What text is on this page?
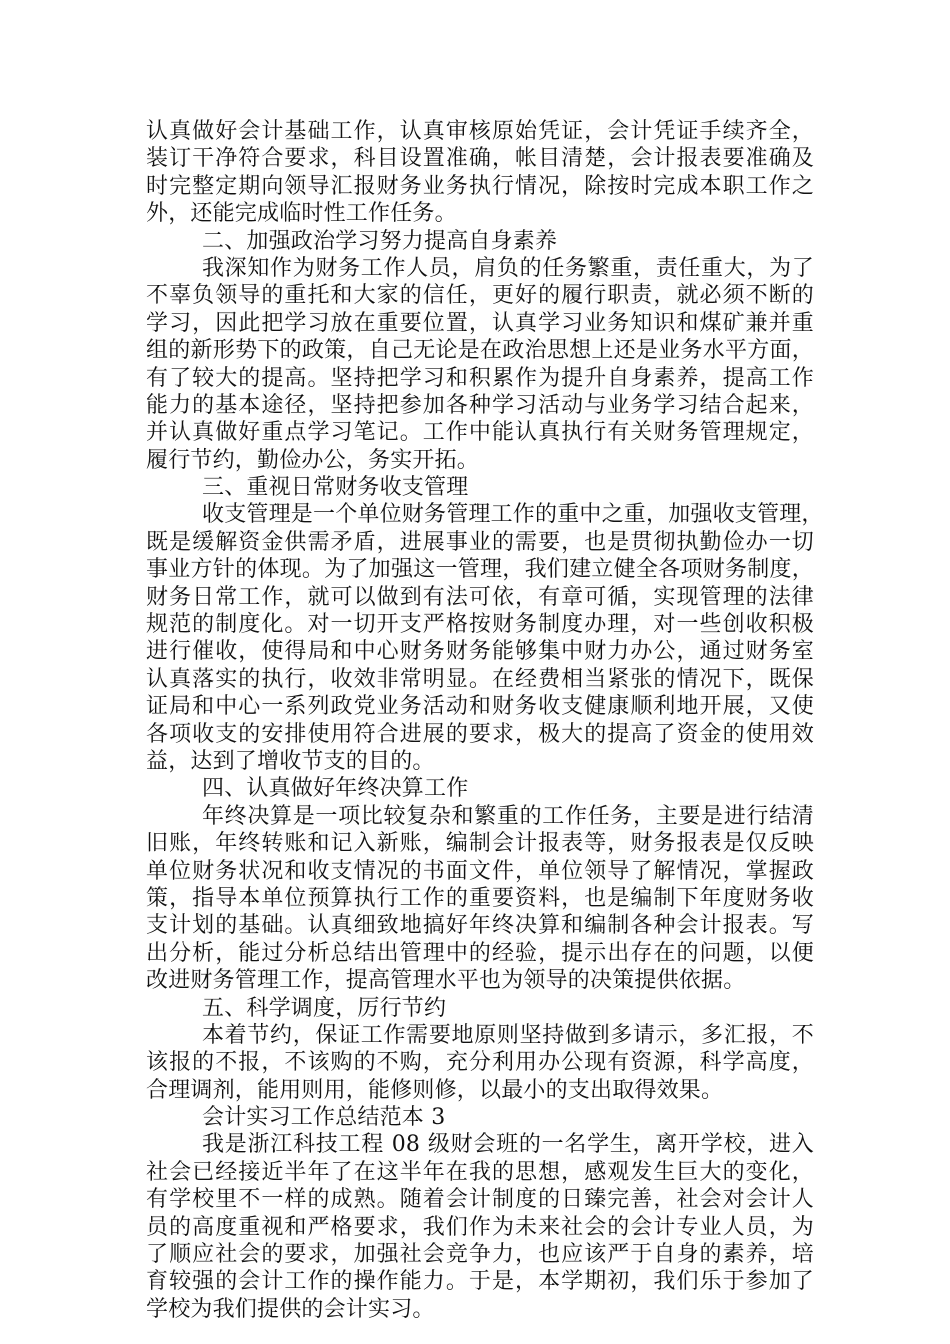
认真做好会计基础工作，认真审核原始凭证，会计凭证手续齐全，
装订干净符合要求，科目设置准确，帐目清楚，会计报表要准确及
时完整定期向领导汇报财务业务执行情况，除按时完成本职工作之
外，还能完成临时性工作任务。
二、加强政治学习努力提高自身素养
我深知作为财务工作人员，肩负的任务繁重，责任重大，为了
不辜负领导的重托和大家的信任，更好的履行职责，就必须不断的
学习，因此把学习放在重要位置，认真学习业务知识和煤矿兼并重
组的新形势下的政策，自己无论是在政治思想上还是业务水平方面，
有了较大的提高。坚持把学习和积累作为提升自身素养，提高工作
能力的基本途径，坚持把参加各种学习活动与业务学习结合起来，
并认真做好重点学习笔记。工作中能认真执行有关财务管理规定，
履行节约，勤俭办公，务实开拓。
三、重视日常财务收支管理
收支管理是一个单位财务管理工作的重中之重，加强收支管理，
既是缓解资金供需矛盾，进展事业的需要，也是贯彻执勤俭办一切
事业方针的体现。为了加强这一管理，我们建立健全各项财务制度，
财务日常工作，就可以做到有法可依，有章可循，实现管理的法律
规范的制度化。对一切开支严格按财务制度办理，对一些创收积极
进行催收，使得局和中心财务财务能够集中财力办公，通过财务室
认真落实的执行，收效非常明显。在经费相当紧张的情况下，既保
证局和中心一系列政党业务活动和财务收支健康顺利地开展，又使
各项收支的安排使用符合进展的要求，极大的提高了资金的使用效
益，达到了增收节支的目的。
四、认真做好年终决算工作
年终决算是一项比较复杂和繁重的工作任务，主要是进行结清
旧账，年终转账和记入新账，编制会计报表等，财务报表是仅反映
单位财务状况和收支情况的书面文件，单位领导了解情况，掌握政
策，指导本单位预算执行工作的重要资料，也是编制下年度财务收
支计划的基础。认真细致地搞好年终决算和编制各种会计报表。写
出分析，能过分析总结出管理中的经验，提示出存在的问题，以便
改进财务管理工作，提高管理水平也为领导的决策提供依据。
五、科学调度，厉行节约
本着节约，保证工作需要地原则坚持做到多请示，多汇报，不
该报的不报，不该购的不购，充分利用办公现有资源，科学高度，
合理调剂，能用则用，能修则修，以最小的支出取得效果。
会计实习工作总结范本 3
我是浙江科技工程 08 级财会班的一名学生，离开学校，进入
社会已经接近半年了在这半年在我的思想，感观发生巨大的变化，
有学校里不一样的成熟。随着会计制度的日臻完善，社会对会计人
员的高度重视和严格要求，我们作为未来社会的会计专业人员，为
了顺应社会的要求，加强社会竞争力，也应该严于自身的素养，培
育较强的会计工作的操作能力。于是，本学期初，我们乐于参加了
学校为我们提供的会计实习。
